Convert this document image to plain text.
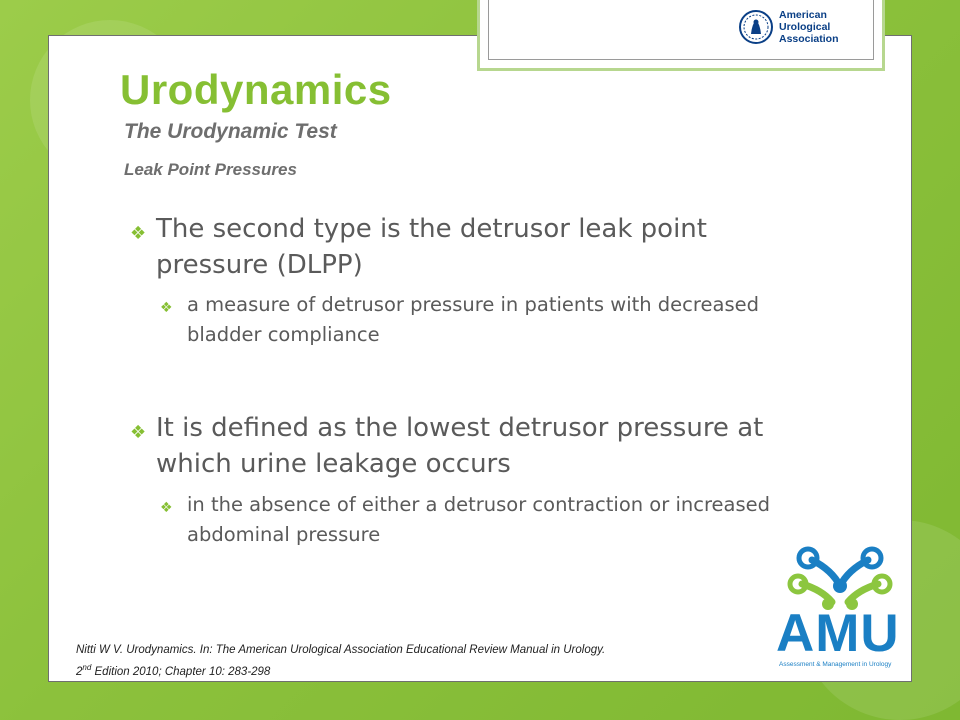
American
Urological
Association
Urodynamics
The Urodynamic Test
Leak Point Pressures
❖ The second type is the detrusor leak point pressure (DLPP)
❖ a measure of detrusor pressure in patients with decreased bladder compliance
❖ It is defined as the lowest detrusor pressure at which urine leakage occurs
❖ in the absence of either a detrusor contraction or increased abdominal pressure
Nitti W V. Urodynamics. In: The American Urological Association Educational Review Manual in Urology.
2nd Edition 2010; Chapter 10: 283-298
AMU
Assessment & Management in Urology
